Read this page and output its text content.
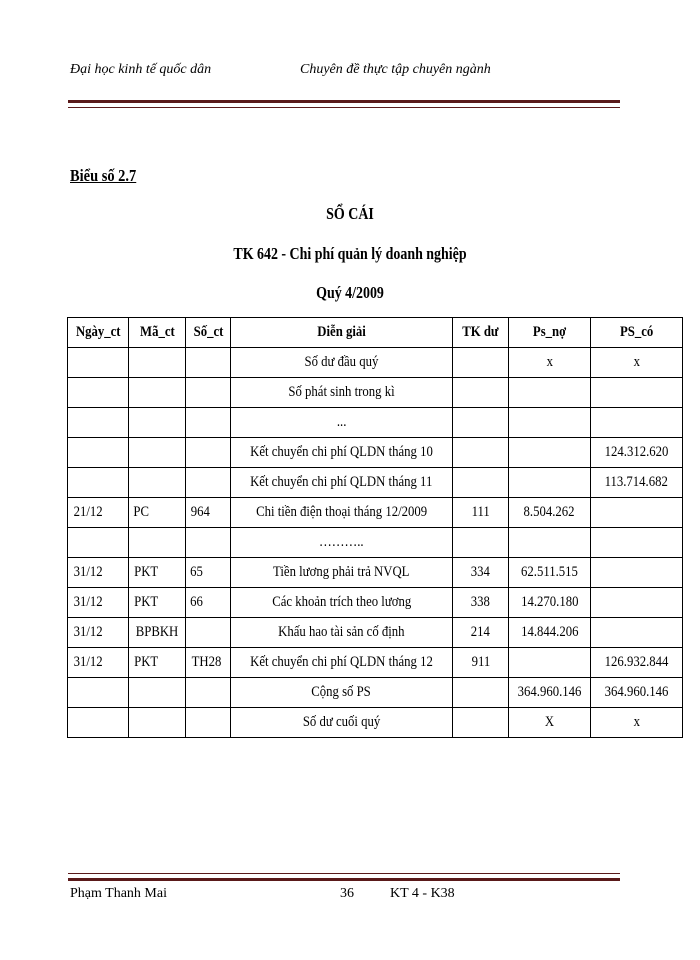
Đại học kinh tế quốc dân	Chuyên đề thực tập chuyên ngành
Biểu số 2.7
SỔ CÁI
TK 642 - Chi phí quản lý doanh nghiệp
Quý 4/2009
Ngày_ct	Mã_ct	Số_ct	Diễn giải	TK dư	Ps_nợ	PS_có
			Số dư đầu quý		x	x
			Số phát sinh trong kì			
			...			
			Kết chuyển chi phí QLDN tháng 10			124.312.620
			Kết chuyển chi phí QLDN tháng 11			113.714.682
21/12	PC	964	Chi tiền điện thoại tháng 12/2009	111	8.504.262	
			………..			
31/12	PKT	65	Tiền lương phải trả NVQL	334	62.511.515	
31/12	PKT	66	Các khoản trích theo lương	338	14.270.180	
31/12	BPBKH		Khấu hao tài sản cố định	214	14.844.206	
31/12	PKT	TH28	Kết chuyển chi phí QLDN tháng 12	911		126.932.844
			Cộng số PS		364.960.146	364.960.146
			Số dư cuối quý		X	x
Phạm Thanh Mai	36	KT 4 - K38
